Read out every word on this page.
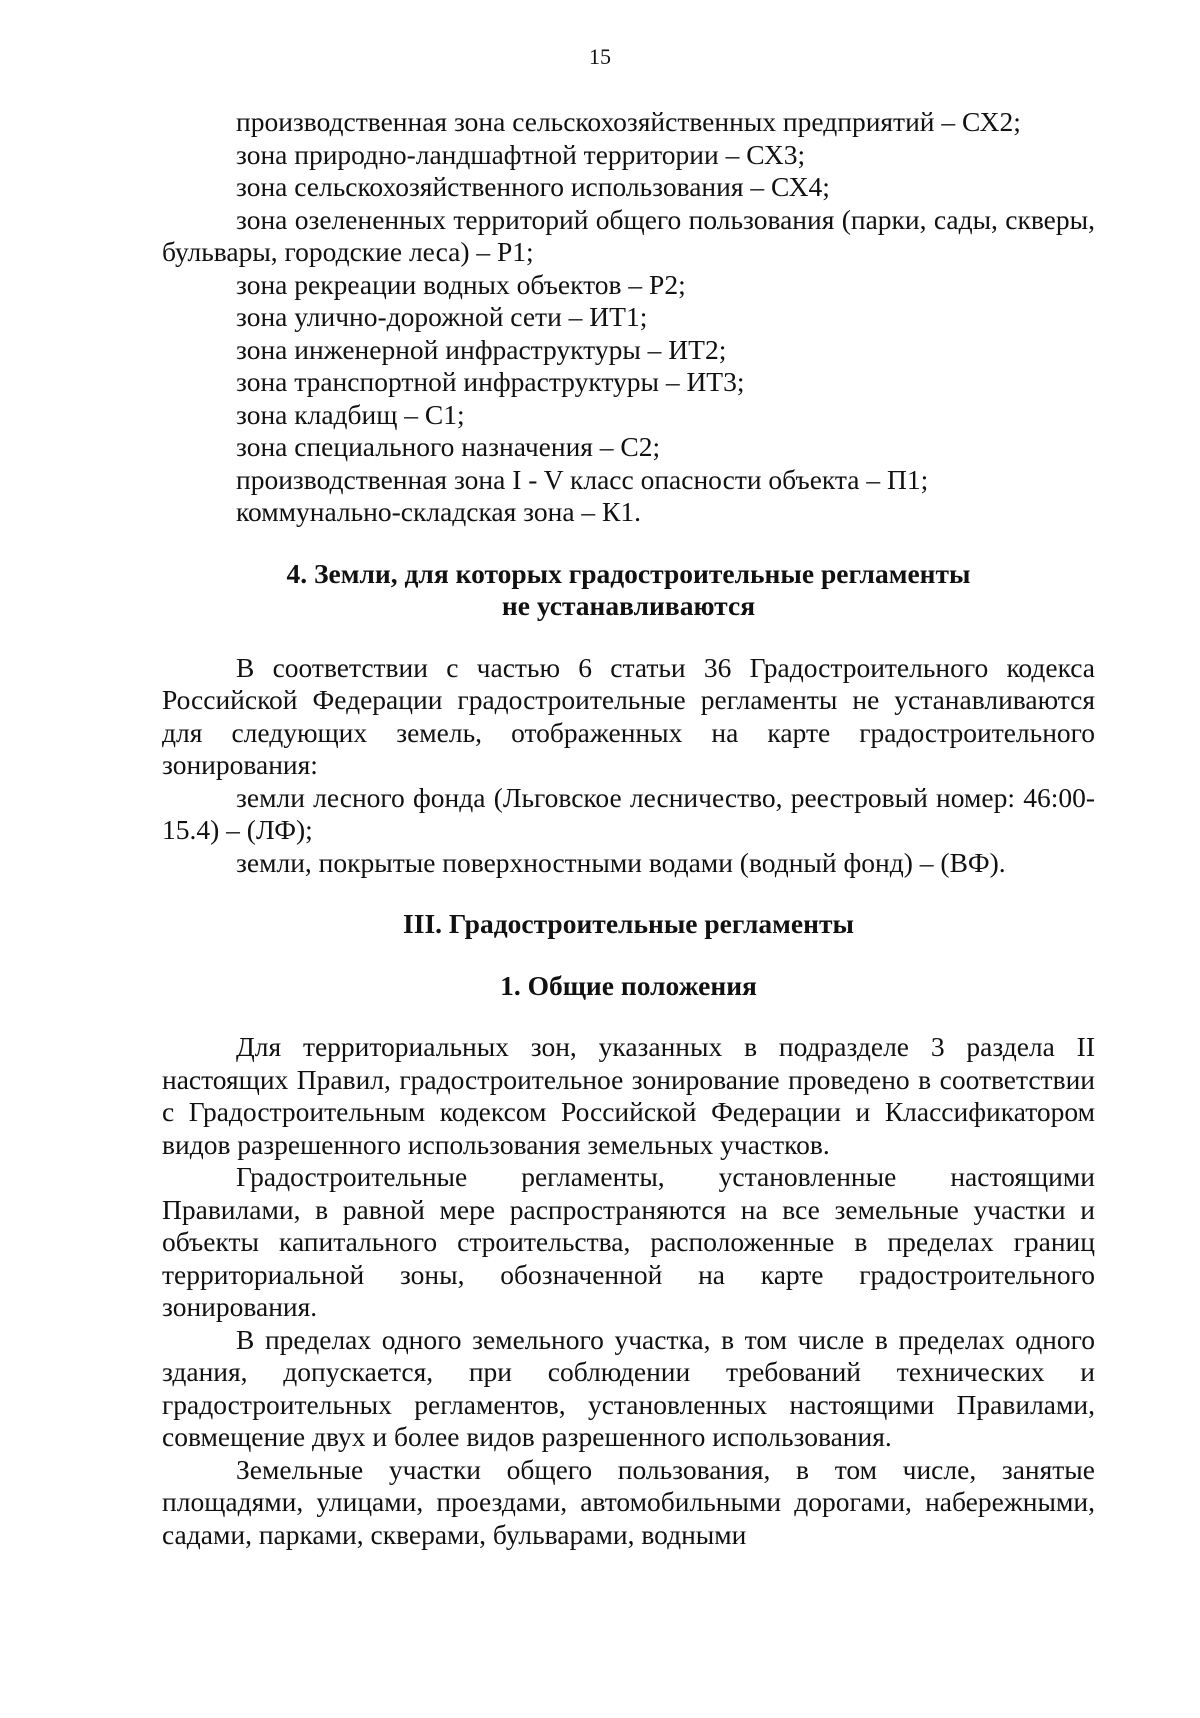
15

производственная зона сельскохозяйственных предприятий – СХ2;

зона природно-ландшафтной территории – СХ3;

зона сельскохозяйственного использования – СХ4;

зона озелененных территорий общего пользования (парки, сады, скверы, бульвары, городские леса) – Р1;

зона рекреации водных объектов – Р2;

зона улично-дорожной сети – ИТ1;

зона инженерной инфраструктуры – ИТ2;

зона транспортной инфраструктуры – ИТ3;

зона кладбищ – С1;

зона специального назначения – С2;

производственная зона I - V класс опасности объекта – П1;

коммунально-складская зона – К1.

4. Земли, для которых градостроительные регламенты
не устанавливаются

В соответствии с частью 6 статьи 36 Градостроительного кодекса Российской Федерации градостроительные регламенты не устанавливаются для следующих земель, отображенных на карте градостроительного зонирования:

земли лесного фонда (Льговское лесничество, реестровый номер: 46:00-15.4) – (ЛФ);

земли, покрытые поверхностными водами (водный фонд) – (ВФ).

III. Градостроительные регламенты
1. Общие положения

Для территориальных зон, указанных в подразделе 3 раздела II настоящих Правил, градостроительное зонирование проведено в соответствии с Градостроительным кодексом Российской Федерации и Классификатором видов разрешенного использования земельных участков.

Градостроительные регламенты, установленные настоящими Правилами, в равной мере распространяются на все земельные участки и объекты капитального строительства, расположенные в пределах границ территориальной зоны, обозначенной на карте градостроительного зонирования.

В пределах одного земельного участка, в том числе в пределах одного здания, допускается, при соблюдении требований технических и градостроительных регламентов, установленных настоящими Правилами, совмещение двух и более видов разрешенного использования.

Земельные участки общего пользования, в том числе, занятые площадями, улицами, проездами, автомобильными дорогами, набережными, садами, парками, скверами, бульварами, водными
